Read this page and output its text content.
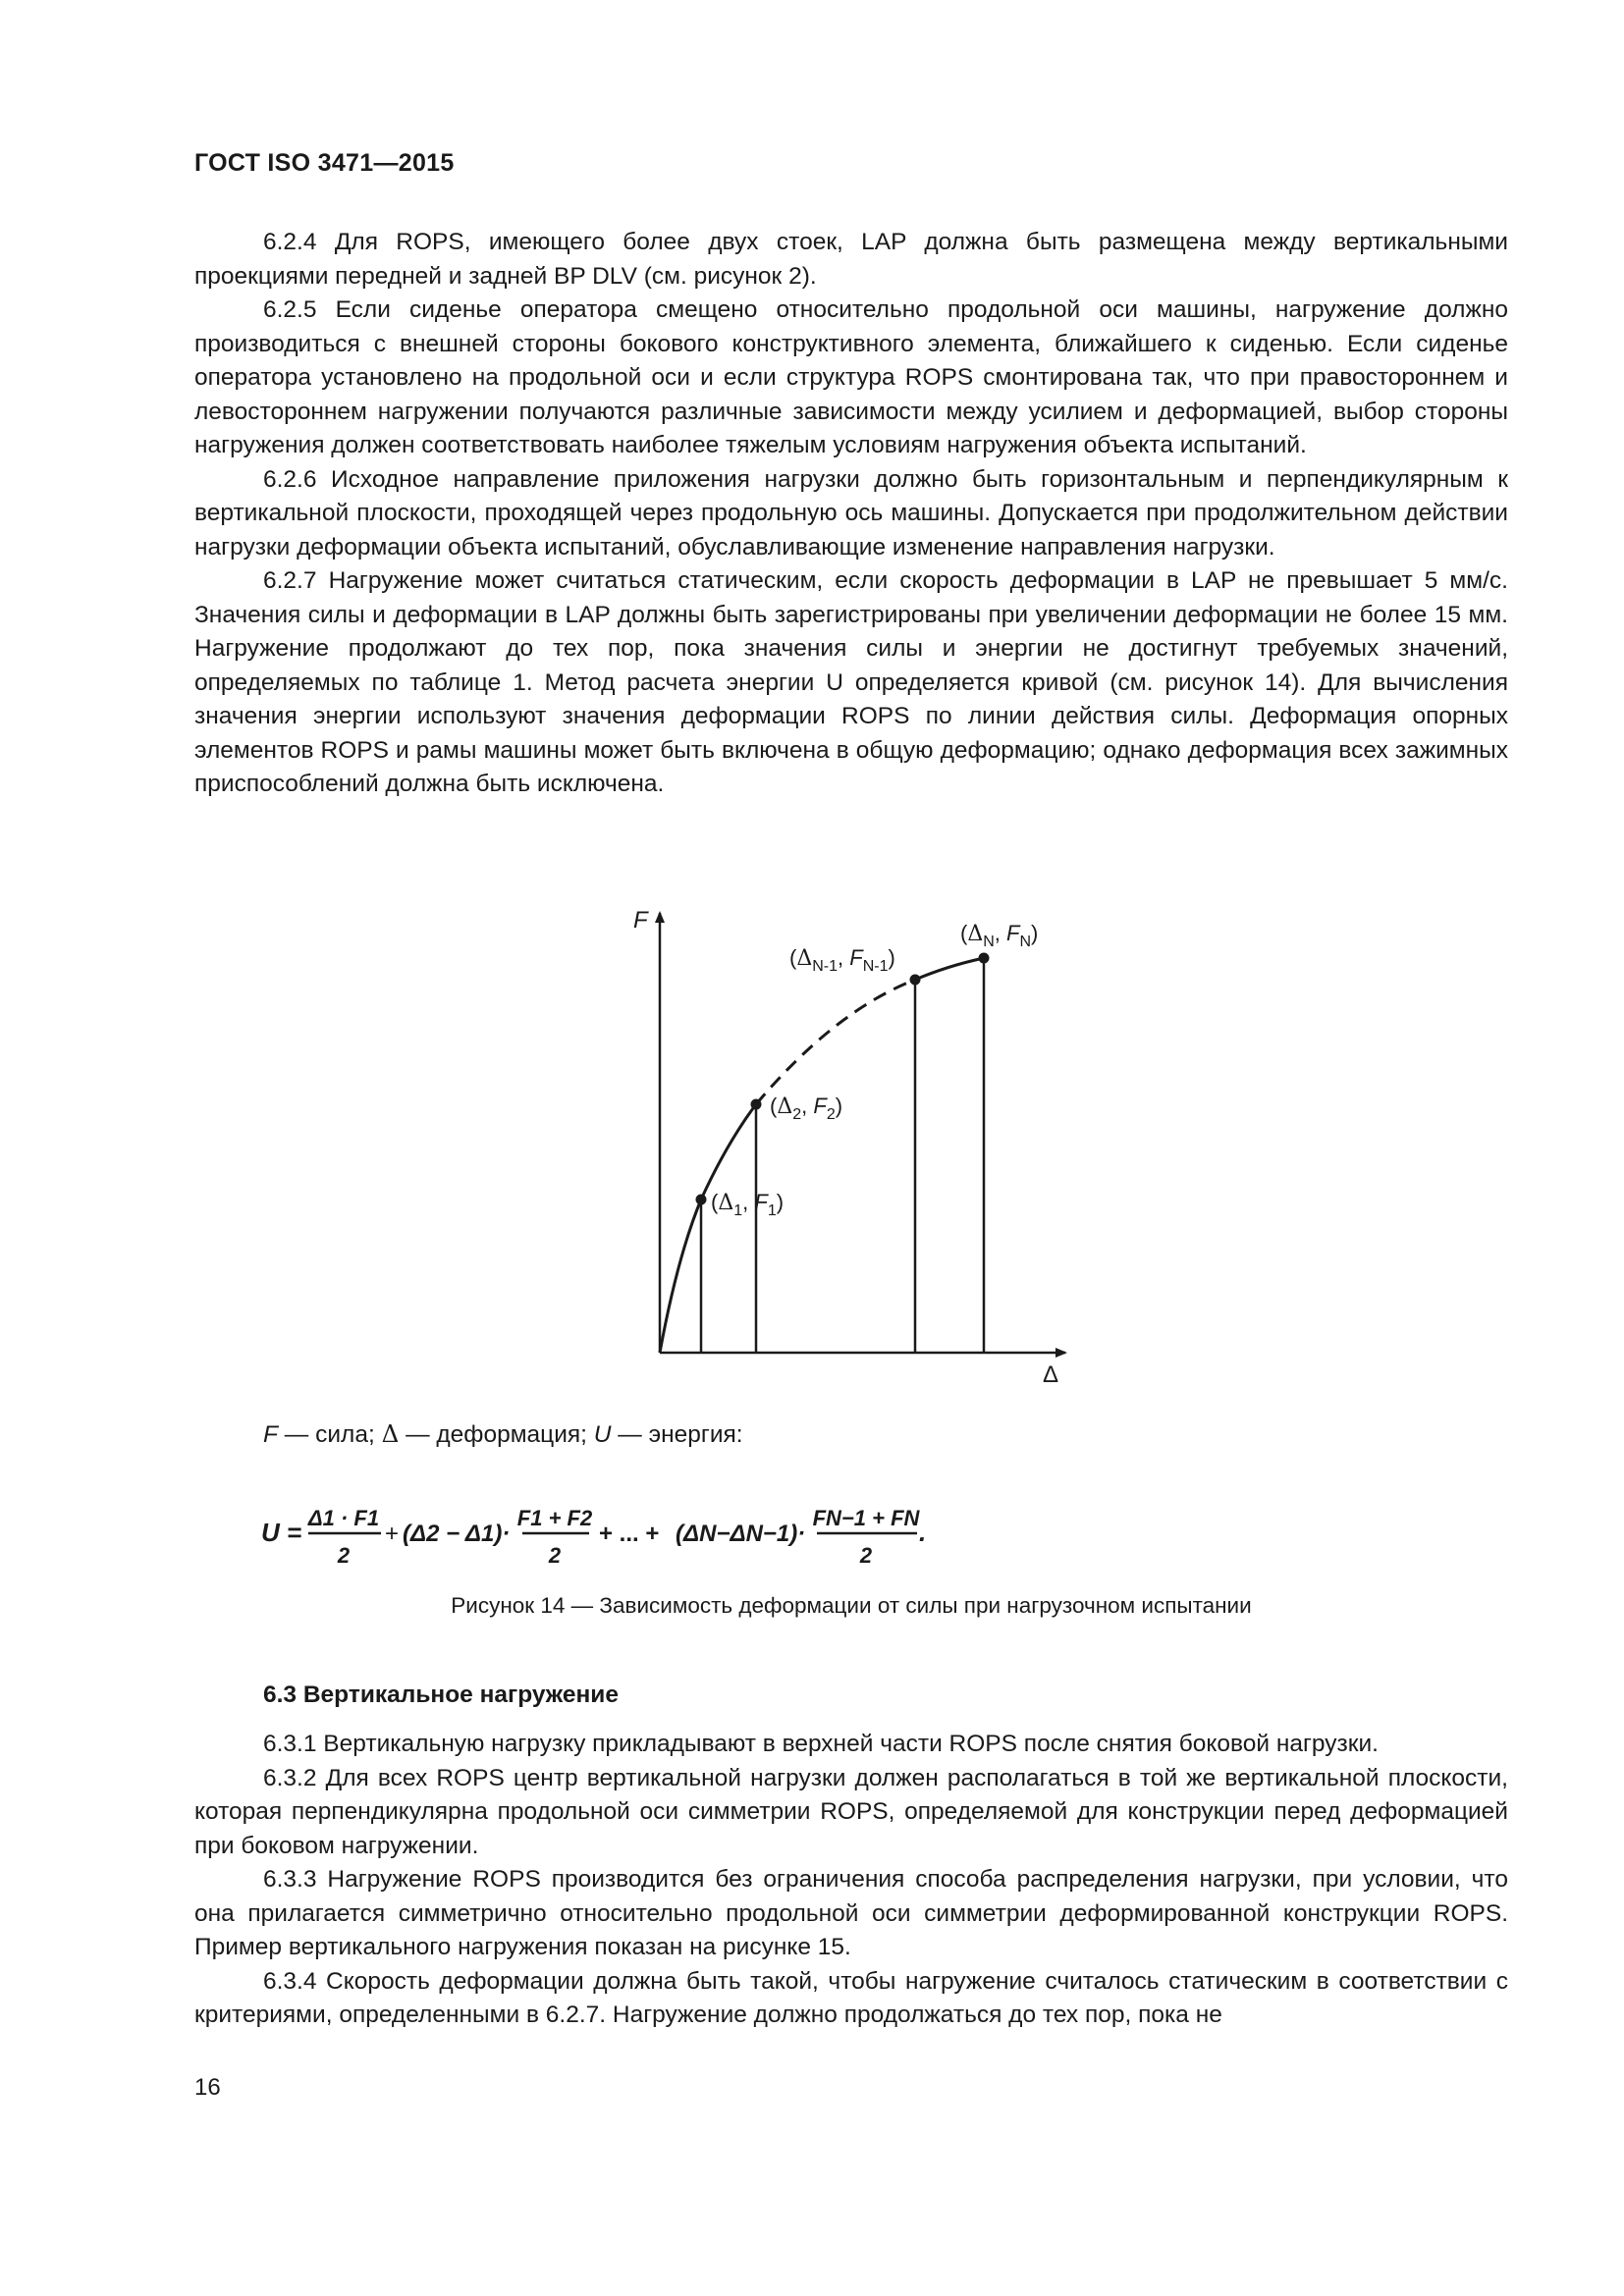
ГОСТ ISO 3471—2015

6.2.4 Для ROPS, имеющего более двух стоек, LAP должна быть размещена между вертикальными проекциями передней и задней BP DLV (см. рисунок 2).

6.2.5 Если сиденье оператора смещено относительно продольной оси машины, нагружение должно производиться с внешней стороны бокового конструктивного элемента, ближайшего к сиденью. Если сиденье оператора установлено на продольной оси и если структура ROPS смонтирована так, что при правостороннем и левостороннем нагружении получаются различные зависимости между усилием и деформацией, выбор стороны нагружения должен соответствовать наиболее тяжелым условиям нагружения объекта испытаний.

6.2.6 Исходное направление приложения нагрузки должно быть горизонтальным и перпендикулярным к вертикальной плоскости, проходящей через продольную ось машины. Допускается при продолжительном действии нагрузки деформации объекта испытаний, обуславливающие изменение направления нагрузки.

6.2.7 Нагружение может считаться статическим, если скорость деформации в LAP не превышает 5 мм/с. Значения силы и деформации в LAP должны быть зарегистрированы при увеличении деформации не более 15 мм. Нагружение продолжают до тех пор, пока значения силы и энергии не достигнут требуемых значений, определяемых по таблице 1. Метод расчета энергии U определяется кривой (см. рисунок 14). Для вычисления значения энергии используют значения деформации ROPS по линии действия силы. Деформация опорных элементов ROPS и рамы машины может быть включена в общую деформацию; однако деформация всех зажимных приспособлений должна быть исключена.

F
Δ
($\Delta_1$, $F_1$)
($\Delta_2$, $F_2$)
($\Delta_{N-1}$, $F_{N-1}$)
($\Delta_N$, $F_N$)
F — сила; Δ — деформация; U — энергия:
U = Δ1 · F1
2
+ (Δ2 − Δ1)·
F1 + F2
2
+ ... + (ΔN−ΔN−1)·
FN−1 + FN
2
.
Рисунок 14 — Зависимость деформации от силы при нагрузочном испытании
6.3 Вертикальное нагружение

6.3.1 Вертикальную нагрузку прикладывают в верхней части ROPS после снятия боковой нагрузки.

6.3.2 Для всех ROPS центр вертикальной нагрузки должен располагаться в той же вертикальной плоскости, которая перпендикулярна продольной оси симметрии ROPS, определяемой для конструкции перед деформацией при боковом нагружении.

6.3.3 Нагружение ROPS производится без ограничения способа распределения нагрузки, при условии, что она прилагается симметрично относительно продольной оси симметрии деформированной конструкции ROPS. Пример вертикального нагружения показан на рисунке 15.

6.3.4 Скорость деформации должна быть такой, чтобы нагружение считалось статическим в соответствии с критериями, определенными в 6.2.7. Нагружение должно продолжаться до тех пор, пока не

16
